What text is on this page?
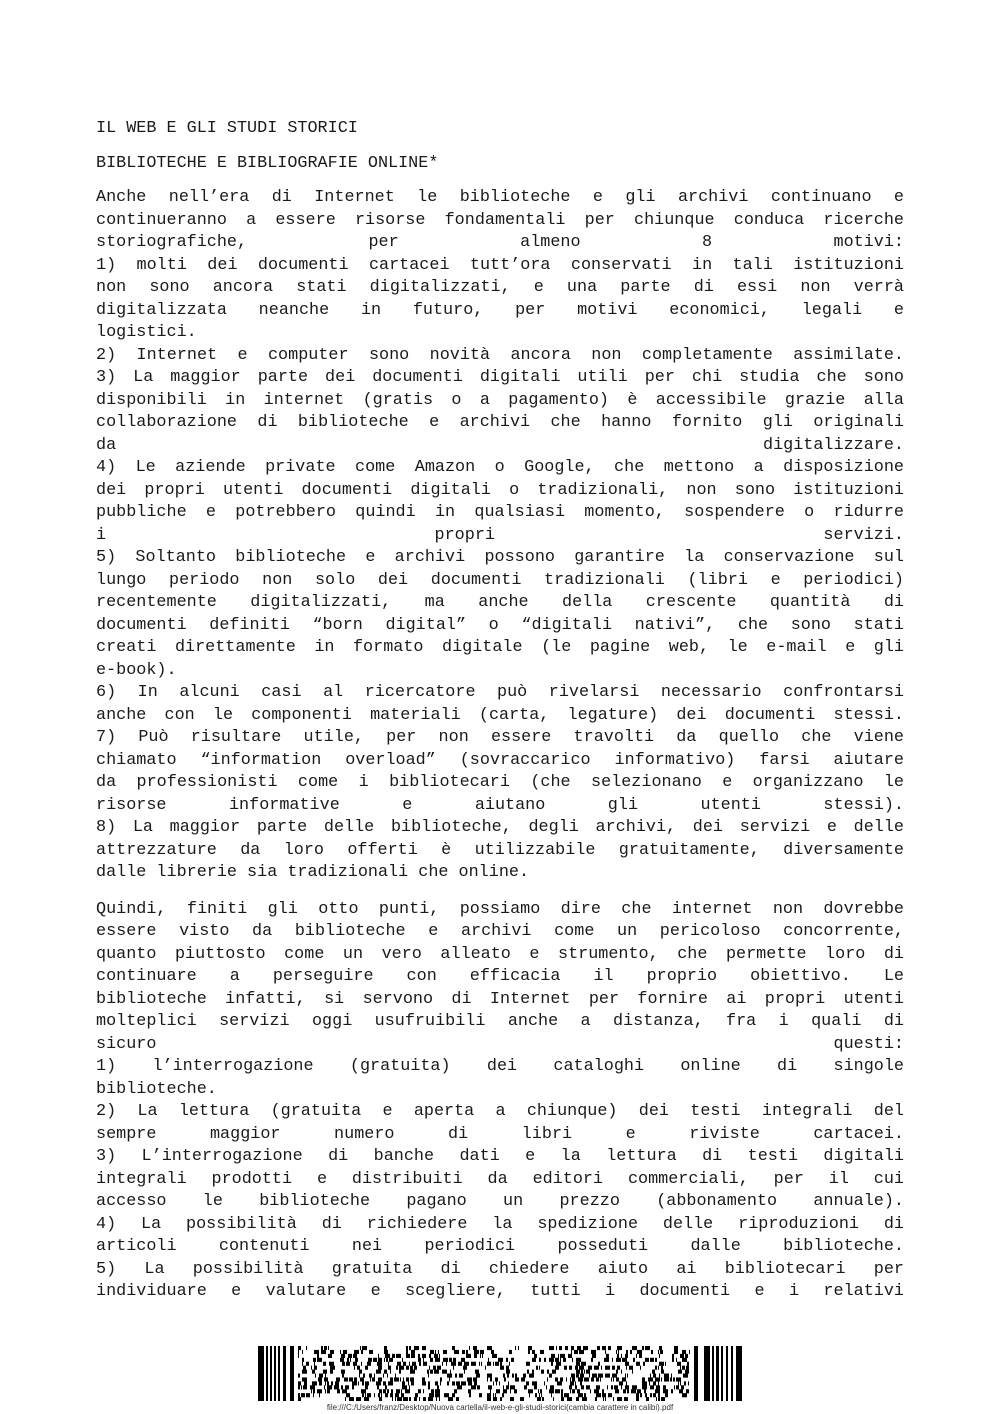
IL WEB E GLI STUDI STORICI
BIBLIOTECHE E BIBLIOGRAFIE ONLINE*
Anche nell’era di Internet le biblioteche e gli archivi continuano e
continueranno a essere risorse fondamentali per chiunque conduca ricerche
storiografiche, per almeno 8 motivi:
1) molti dei documenti cartacei tutt’ora conservati in tali istituzioni
non sono ancora stati digitalizzati, e una parte di essi non verrà
digitalizzata neanche in futuro, per motivi economici, legali e
logistici.
2) Internet e computer sono novità ancora non completamente assimilate.
3) La maggior parte dei documenti digitali utili per chi studia che sono
disponibili in internet (gratis o a pagamento) è accessibile grazie alla
collaborazione di biblioteche e archivi che hanno fornito gli originali
da digitalizzare.
4) Le aziende private come Amazon o Google, che mettono a disposizione
dei propri utenti documenti digitali o tradizionali, non sono istituzioni
pubbliche e potrebbero quindi in qualsiasi momento, sospendere o ridurre
i propri servizi.
5) Soltanto biblioteche e archivi possono garantire la conservazione sul
lungo periodo non solo dei documenti tradizionali (libri e periodici)
recentemente digitalizzati, ma anche della crescente quantità di
documenti definiti “born digital” o “digitali nativi”, che sono stati
creati direttamente in formato digitale (le pagine web, le e-mail e gli
e-book).
6) In alcuni casi al ricercatore può rivelarsi necessario confrontarsi
anche con le componenti materiali (carta, legature) dei documenti stessi.
7) Può risultare utile, per non essere travolti da quello che viene
chiamato “information overload” (sovraccarico informativo) farsi aiutare
da professionisti come i bibliotecari (che selezionano e organizzano le
risorse informative e aiutano gli utenti stessi).
8) La maggior parte delle biblioteche, degli archivi, dei servizi e delle
attrezzature da loro offerti è utilizzabile gratuitamente, diversamente
dalle librerie sia tradizionali che online.
Quindi, finiti gli otto punti, possiamo dire che internet non dovrebbe
essere visto da biblioteche e archivi come un pericoloso concorrente,
quanto piuttosto come un vero alleato e strumento, che permette loro di
continuare a perseguire con efficacia il proprio obiettivo. Le
biblioteche infatti, si servono di Internet per fornire ai propri utenti
molteplici servizi oggi usufruibili anche a distanza, fra i quali di
sicuro questi:
1) l’interrogazione (gratuita) dei cataloghi online di singole
biblioteche.
2) La lettura (gratuita e aperta a chiunque) dei testi integrali del
sempre maggior numero di libri e riviste cartacei.
3) L’interrogazione di banche dati e la lettura di testi digitali
integrali prodotti e distribuiti da editori commerciali, per il cui
accesso le biblioteche pagano un prezzo (abbonamento annuale).
4) La possibilità di richiedere la spedizione delle riproduzioni di
articoli contenuti nei periodici posseduti dalle biblioteche.
5) La possibilità gratuita di chiedere aiuto ai bibliotecari per
individuare e valutare e scegliere, tutti i documenti e i relativi
file:///C:/Users/franz/Desktop/Nuova cartella/il-web-e-gli-studi-storici(cambia carattere in calibi).pdf
